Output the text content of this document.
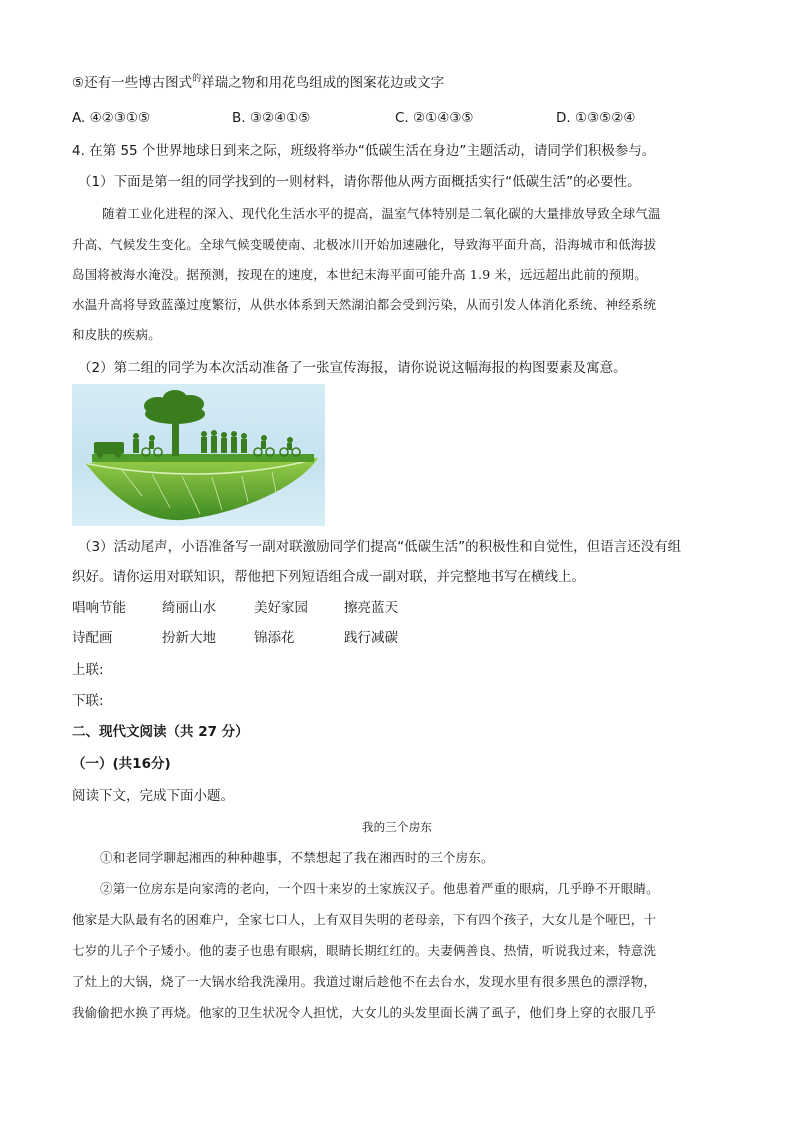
⑤还有一些博古图式$^的$祥瑞之物和用花鸟组成的图案花边或文字
A. ④②③①⑤	B. ③②④①⑤	C. ②①④③⑤	D. ①③⑤②④
4. 在第 55 个世界地球日到来之际，班级将举办“低碳生活在身边”主题活动，请同学们积极参与。
（1）下面是第一组的同学找到的一则材料，请你帮他从两方面概括实行“低碳生活”的必要性。
随着工业化进程的深入、现代化生活水平的提高，温室气体特别是二氧化碳的大量排放导致全球气温
升高、气候发生变化。全球气候变暖使南、北极冰川开始加速融化，导致海平面升高，沿海城市和低海拔
岛国将被海水淹没。据预测，按现在的速度，本世纪末海平面可能升高 1.9 米，远远超出此前的预期。
水温升高将导致蓝藻过度繁衍，从供水体系到天然湖泊都会受到污染，从而引发人体消化系统、神经系统
和皮肤的疾病。
（2）第二组的同学为本次活动准备了一张宣传海报，请你说说这幅海报的构图要素及寓意。
（3）活动尾声，小语准备写一副对联激励同学们提高“低碳生活”的积极性和自觉性，但语言还没有组
织好。请你运用对联知识，帮他把下列短语组合成一副对联，并完整地书写在横线上。
唱响节能	绮丽山水	美好家园	擦亮蓝天
诗配画	扮新大地	锦添花	践行减碳
上联:
下联:
二、现代文阅读（共 27 分）
（一）(共16分)
阅读下文，完成下面小题。
我的三个房东
①和老同学聊起湘西的种种趣事，不禁想起了我在湘西时的三个房东。
②第一位房东是向家湾的老向，一个四十来岁的土家族汉子。他患着严重的眼病，几乎睁不开眼睛。
他家是大队最有名的困难户，全家七口人，上有双目失明的老母亲，下有四个孩子，大女儿是个哑巴，十
七岁的儿子个子矮小。他的妻子也患有眼病，眼睛长期红红的。夫妻俩善良、热情，听说我过来，特意洗
了灶上的大锅，烧了一大锅水给我洗澡用。我道过谢后趁他不在去台水，发现水里有很多黑色的漂浮物，
我偷偷把水换了再烧。他家的卫生状况令人担忧，大女儿的头发里面长满了虱子，他们身上穿的衣服几乎
